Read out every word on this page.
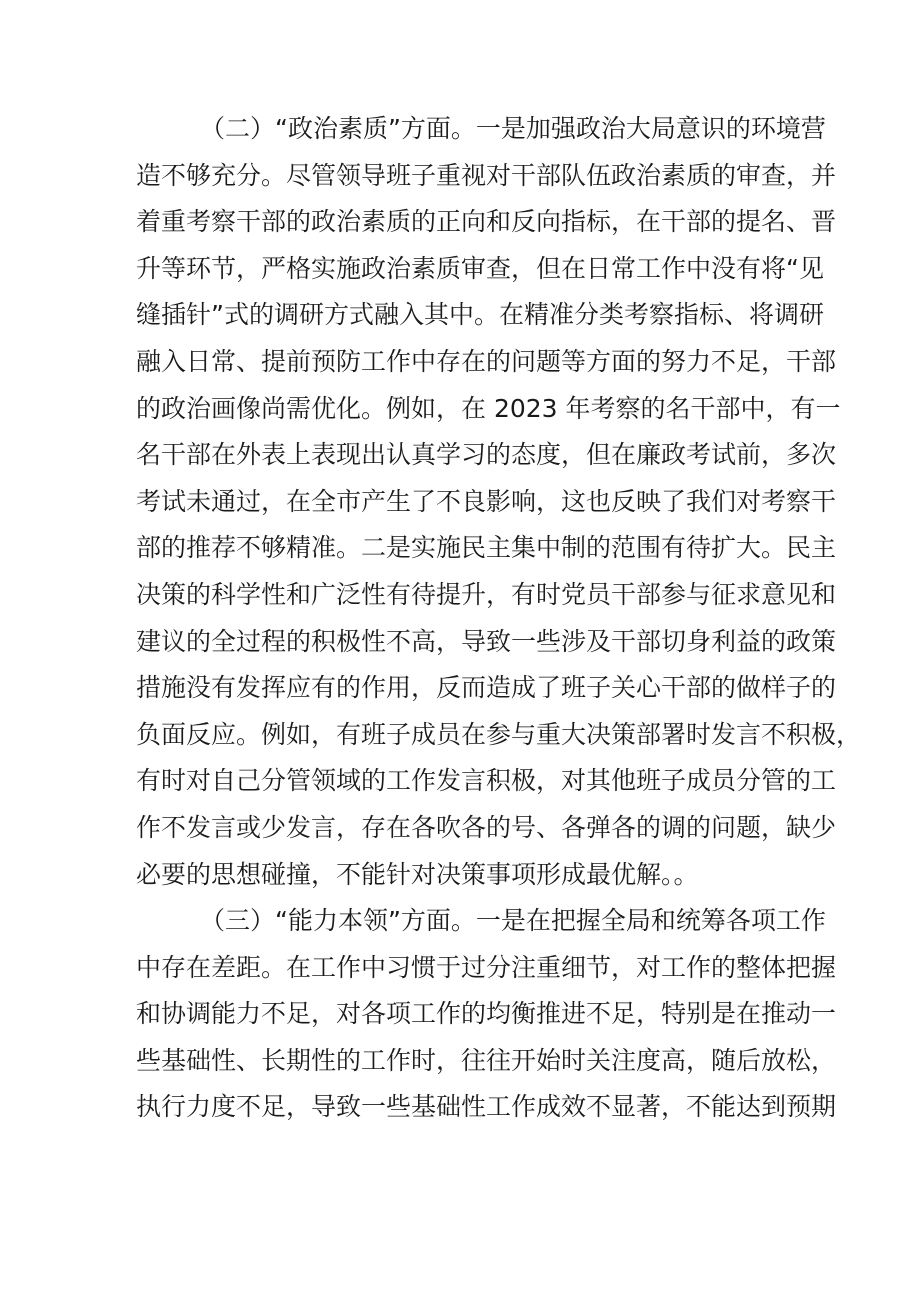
（二）“政治素质”方面。一是加强政治大局意识的环境营
造不够充分。尽管领导班子重视对干部队伍政治素质的审查，并
着重考察干部的政治素质的正向和反向指标，在干部的提名、晋
升等环节，严格实施政治素质审查，但在日常工作中没有将“见
缝插针”式的调研方式融入其中。在精准分类考察指标、将调研
融入日常、提前预防工作中存在的问题等方面的努力不足，干部
的政治画像尚需优化。例如，在 2023 年考察的名干部中，有一
名干部在外表上表现出认真学习的态度，但在廉政考试前，多次
考试未通过，在全市产生了不良影响，这也反映了我们对考察干
部的推荐不够精准。二是实施民主集中制的范围有待扩大。民主
决策的科学性和广泛性有待提升，有时党员干部参与征求意见和
建议的全过程的积极性不高，导致一些涉及干部切身利益的政策
措施没有发挥应有的作用，反而造成了班子关心干部的做样子的
负面反应。例如，有班子成员在参与重大决策部署时发言不积极，
有时对自己分管领域的工作发言积极，对其他班子成员分管的工
作不发言或少发言，存在各吹各的号、各弹各的调的问题，缺少
必要的思想碰撞，不能针对决策事项形成最优解。。
（三）“能力本领”方面。一是在把握全局和统筹各项工作
中存在差距。在工作中习惯于过分注重细节，对工作的整体把握
和协调能力不足，对各项工作的均衡推进不足，特别是在推动一
些基础性、长期性的工作时，往往开始时关注度高，随后放松，
执行力度不足，导致一些基础性工作成效不显著，不能达到预期
